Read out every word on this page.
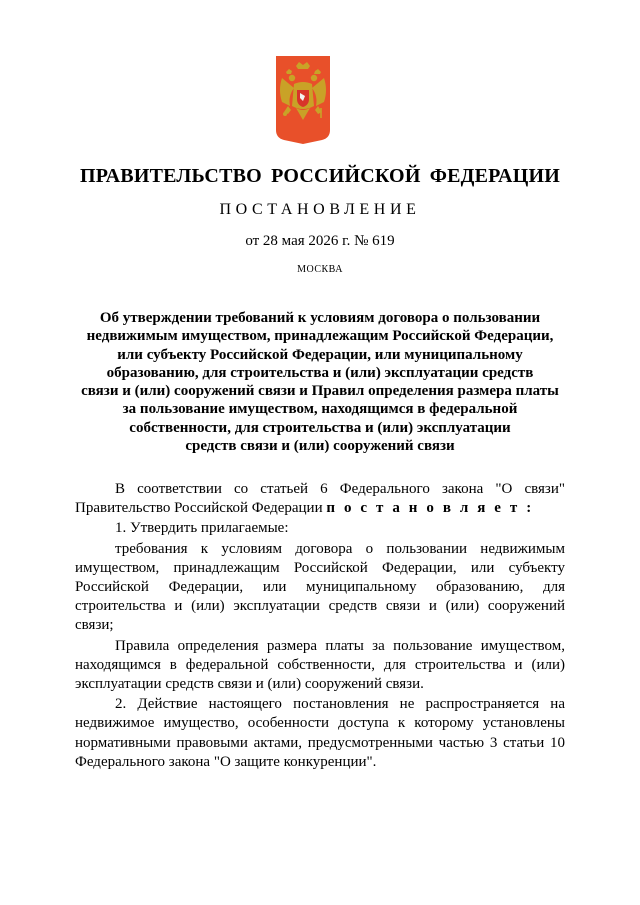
ПРАВИТЕЛЬСТВО РОССИЙСКОЙ ФЕДЕРАЦИИ
ПОСТАНОВЛЕНИЕ
от 28 мая 2026 г. № 619
МОСКВА
Об утверждении требований к условиям договора о пользовании
недвижимым имуществом, принадлежащим Российской Федерации,
или субъекту Российской Федерации, или муниципальному
образованию, для строительства и (или) эксплуатации средств
связи и (или) сооружений связи и Правил определения размера платы
за пользование имуществом, находящимся в федеральной
собственности, для строительства и (или) эксплуатации
средств связи и (или) сооружений связи

В соответствии со статьей 6 Федерального закона "О связи" Правительство Российской Федерации п о с т а н о в л я е т :

1. Утвердить прилагаемые:

требования к условиям договора о пользовании недвижимым имуществом, принадлежащим Российской Федерации, или субъекту Российской Федерации, или муниципальному образованию, для строительства и (или) эксплуатации средств связи и (или) сооружений связи;

Правила определения размера платы за пользование имуществом, находящимся в федеральной собственности, для строительства и (или) эксплуатации средств связи и (или) сооружений связи.

2. Действие настоящего постановления не распространяется на недвижимое имущество, особенности доступа к которому установлены нормативными правовыми актами, предусмотренными частью 3 статьи 10 Федерального закона "О защите конкуренции".
